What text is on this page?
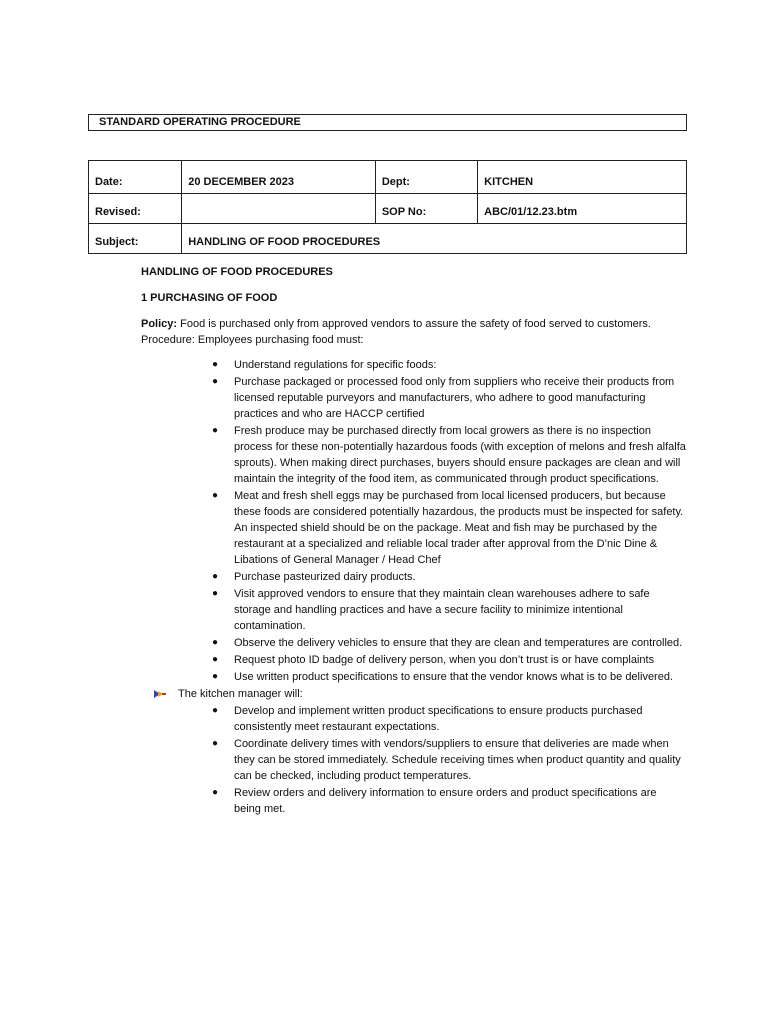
STANDARD OPERATING PROCEDURE
Date:	20 DECEMBER 2023	Dept:	KITCHEN
Revised:		SOP No:	ABC/01/12.23.btm
Subject:	HANDLING OF FOOD PROCEDURES		

HANDLING OF FOOD PROCEDURES

1 PURCHASING OF FOOD

Policy: Food is purchased only from approved vendors to assure the safety of food served to customers. Procedure: Employees purchasing food must:

● Understand regulations for specific foods:
● Purchase packaged or processed food only from suppliers who receive their products from licensed reputable purveyors and manufacturers, who adhere to good manufacturing practices and who are HACCP certified
● Fresh produce may be purchased directly from local growers as there is no inspection process for these non-potentially hazardous foods (with exception of melons and fresh alfalfa sprouts). When making direct purchases, buyers should ensure packages are clean and will maintain the integrity of the food item, as communicated through product specifications.
● Meat and fresh shell eggs may be purchased from local licensed producers, but because these foods are considered potentially hazardous, the products must be inspected for safety. An inspected shield should be on the package. Meat and fish may be purchased by the restaurant at a specialized and reliable local trader after approval from the D’nic Dine & Libations of General Manager / Head Chef
● Purchase pasteurized dairy products.
● Visit approved vendors to ensure that they maintain clean warehouses adhere to safe storage and handling practices and have a secure facility to minimize intentional contamination.
● Observe the delivery vehicles to ensure that they are clean and temperatures are controlled.
● Request photo ID badge of delivery person, when you don’t trust is or have complaints
● Use written product specifications to ensure that the vendor knows what is to be delivered.
The kitchen manager will:
● Develop and implement written product specifications to ensure products purchased consistently meet restaurant expectations.
● Coordinate delivery times with vendors/suppliers to ensure that deliveries are made when they can be stored immediately. Schedule receiving times when product quantity and quality can be checked, including product temperatures.
● Review orders and delivery information to ensure orders and product specifications are being met.
